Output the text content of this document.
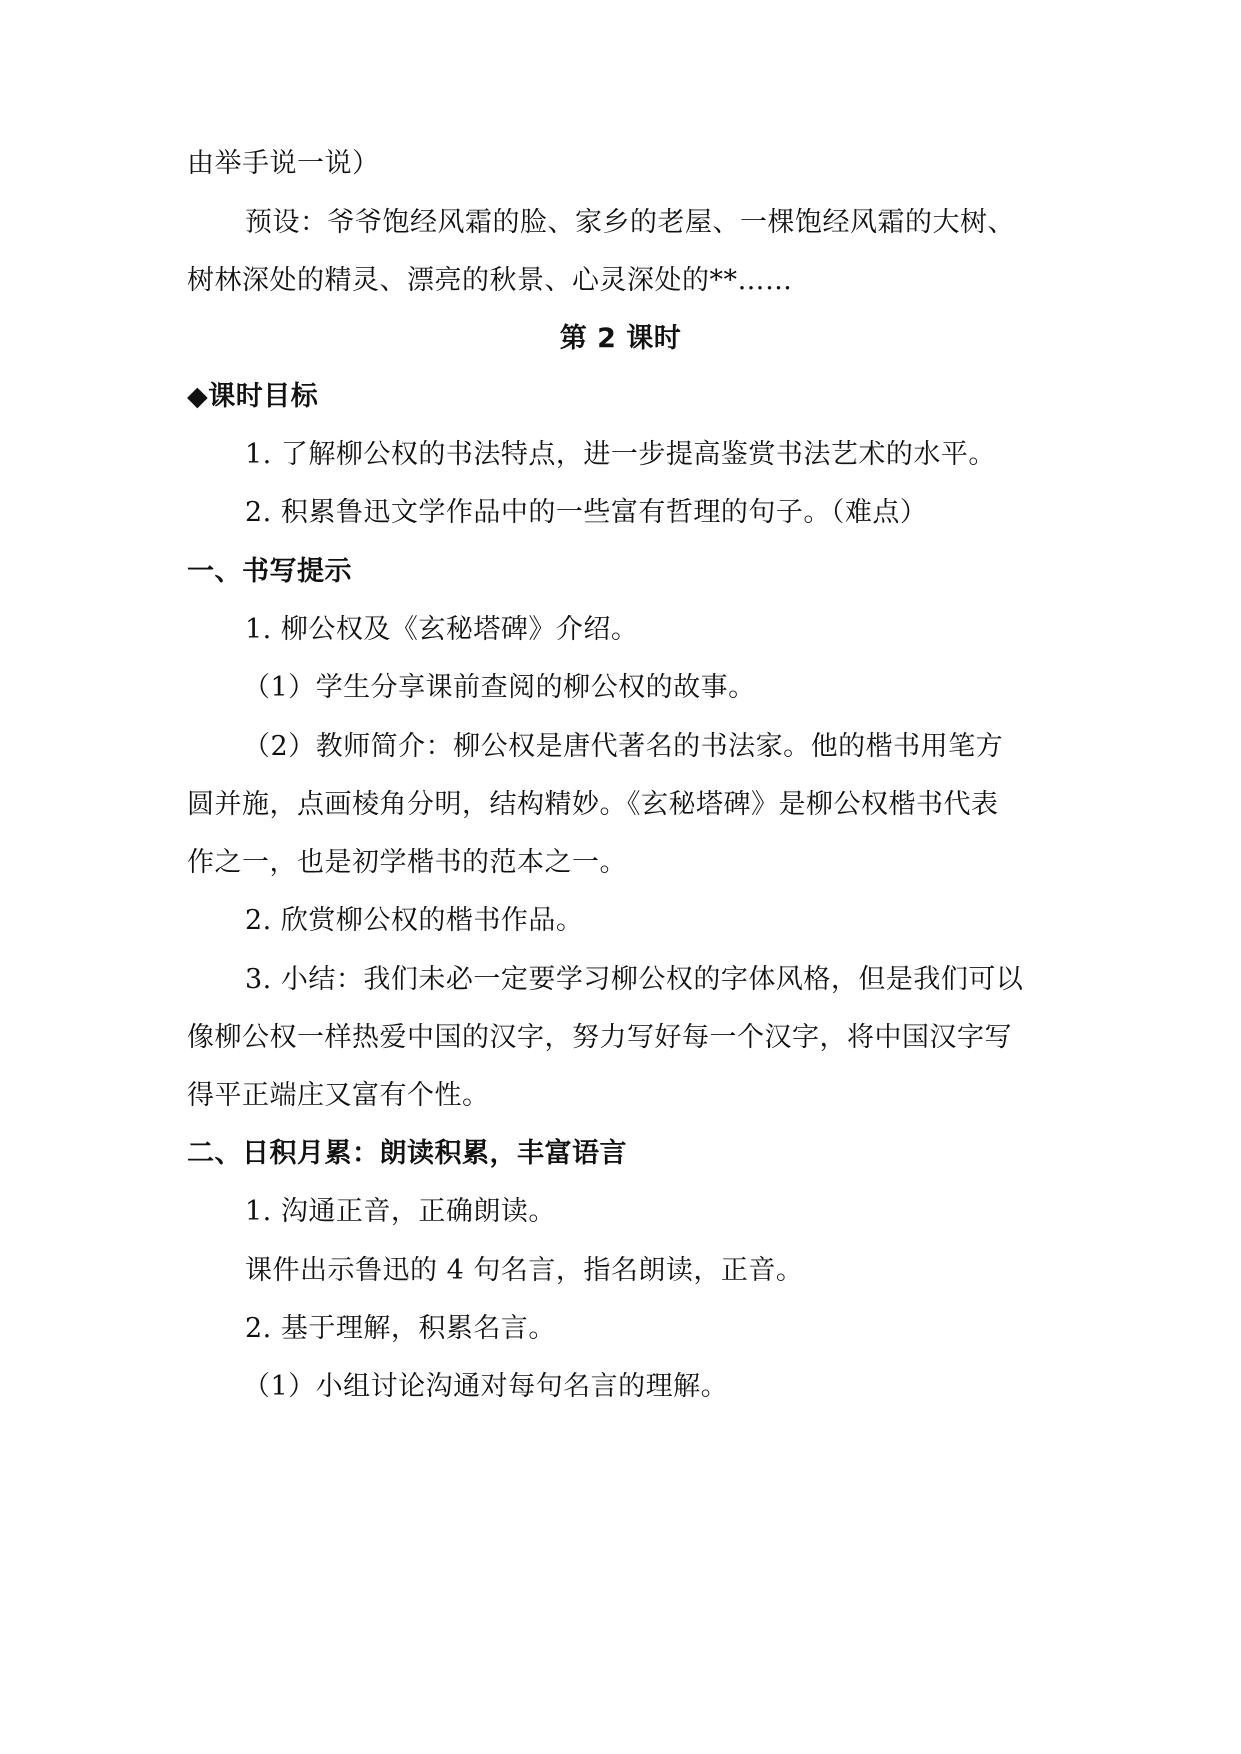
由举手说一说）
预设：爷爷饱经风霜的脸、家乡的老屋、一棵饱经风霜的大树、
树林深处的精灵、漂亮的秋景、心灵深处的**……
第 2 课时
◆课时目标
1. 了解柳公权的书法特点，进一步提高鉴赏书法艺术的水平。
2. 积累鲁迅文学作品中的一些富有哲理的句子。（难点）
一、书写提示
1. 柳公权及《玄秘塔碑》介绍。
（1）学生分享课前查阅的柳公权的故事。
（2）教师简介：柳公权是唐代著名的书法家。他的楷书用笔方
圆并施，点画棱角分明，结构精妙。《玄秘塔碑》是柳公权楷书代表
作之一，也是初学楷书的范本之一。
2. 欣赏柳公权的楷书作品。
3. 小结：我们未必一定要学习柳公权的字体风格，但是我们可以
像柳公权一样热爱中国的汉字，努力写好每一个汉字，将中国汉字写
得平正端庄又富有个性。
二、日积月累：朗读积累，丰富语言
1. 沟通正音，正确朗读。
课件出示鲁迅的 4 句名言，指名朗读，正音。
2. 基于理解，积累名言。
（1）小组讨论沟通对每句名言的理解。
